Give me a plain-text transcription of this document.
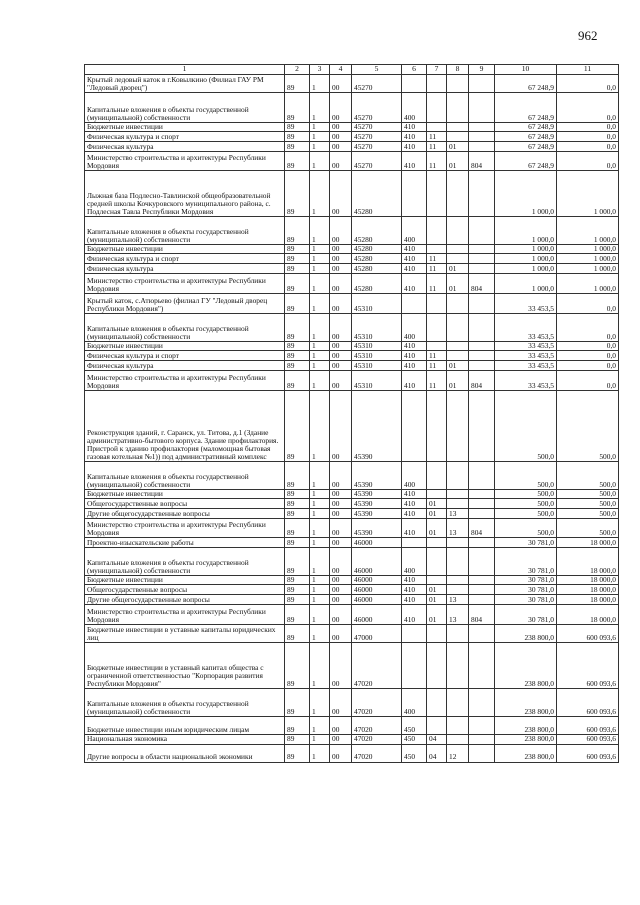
962
1	2	3	4	5	6	7	8	9	10	11
Крытый ледовый каток в г.Ковылкино (Филиал ГАУ РМ "Ледовый дворец")	89	1	00	45270					67 248,9	0,0
Капитальные вложения в объекты государственной (муниципальной) собственности	89	1	00	45270	400				67 248,9	0,0
Бюджетные инвестиции	89	1	00	45270	410				67 248,9	0,0
Физическая культура и спорт	89	1	00	45270	410	11			67 248,9	0,0
Физическая культура	89	1	00	45270	410	11	01		67 248,9	0,0
Министерство строительства и архитектуры Республики Мордовия	89	1	00	45270	410	11	01	804	67 248,9	0,0
Лыжная база Подлесно-Тавлинской общеобразовательной средней школы Кочкуровского муниципального района, с. Подлесная Тавла Республики Мордовия	89	1	00	45280					1 000,0	1 000,0
Капитальные вложения в объекты государственной (муниципальной) собственности	89	1	00	45280	400				1 000,0	1 000,0
Бюджетные инвестиции	89	1	00	45280	410				1 000,0	1 000,0
Физическая культура и спорт	89	1	00	45280	410	11			1 000,0	1 000,0
Физическая культура	89	1	00	45280	410	11	01		1 000,0	1 000,0
Министерство строительства и архитектуры Республики Мордовия	89	1	00	45280	410	11	01	804	1 000,0	1 000,0
Крытый каток, с.Атюрьево (филиал ГУ "Ледовый дворец Республики Мордовия")	89	1	00	45310					33 453,5	0,0
Капитальные вложения в объекты государственной (муниципальной) собственности	89	1	00	45310	400				33 453,5	0,0
Бюджетные инвестиции	89	1	00	45310	410				33 453,5	0,0
Физическая культура и спорт	89	1	00	45310	410	11			33 453,5	0,0
Физическая культура	89	1	00	45310	410	11	01		33 453,5	0,0
Министерство строительства и архитектуры Республики Мордовия	89	1	00	45310	410	11	01	804	33 453,5	0,0
Реконструкция зданий, г. Саранск, ул. Титова, д.1 (Здание административно-бытового корпуса. Здание профилактория. Пристрой к зданию профилактория (маломощная бытовая газовая котельная №1)) под административный комплекс	89	1	00	45390					500,0	500,0
Капитальные вложения в объекты государственной (муниципальной) собственности	89	1	00	45390	400				500,0	500,0
Бюджетные инвестиции	89	1	00	45390	410				500,0	500,0
Общегосударственные вопросы	89	1	00	45390	410	01			500,0	500,0
Другие общегосударственные вопросы	89	1	00	45390	410	01	13		500,0	500,0
Министерство строительства и архитектуры Республики Мордовия	89	1	00	45390	410	01	13	804	500,0	500,0
Проектно-изыскательские работы	89	1	00	46000					30 781,0	18 000,0
Капитальные вложения в объекты государственной (муниципальной) собственности	89	1	00	46000	400				30 781,0	18 000,0
Бюджетные инвестиции	89	1	00	46000	410				30 781,0	18 000,0
Общегосударственные вопросы	89	1	00	46000	410	01			30 781,0	18 000,0
Другие общегосударственные вопросы	89	1	00	46000	410	01	13		30 781,0	18 000,0
Министерство строительства и архитектуры Республики Мордовия	89	1	00	46000	410	01	13	804	30 781,0	18 000,0
Бюджетные инвестиции в уставные капиталы юридических лиц	89	1	00	47000					238 800,0	600 093,6
Бюджетные инвестиции в уставный капитал общества с ограниченной ответственностью "Корпорация развития Республики Мордовия"	89	1	00	47020					238 800,0	600 093,6
Капитальные вложения в объекты государственной (муниципальной) собственности	89	1	00	47020	400				238 800,0	600 093,6
Бюджетные инвестиции иным юридическим лицам	89	1	00	47020	450				238 800,0	600 093,6
Национальная экономика	89	1	00	47020	450	04			238 800,0	600 093,6
Другие вопросы в области национальной экономики	89	1	00	47020	450	04	12		238 800,0	600 093,6
